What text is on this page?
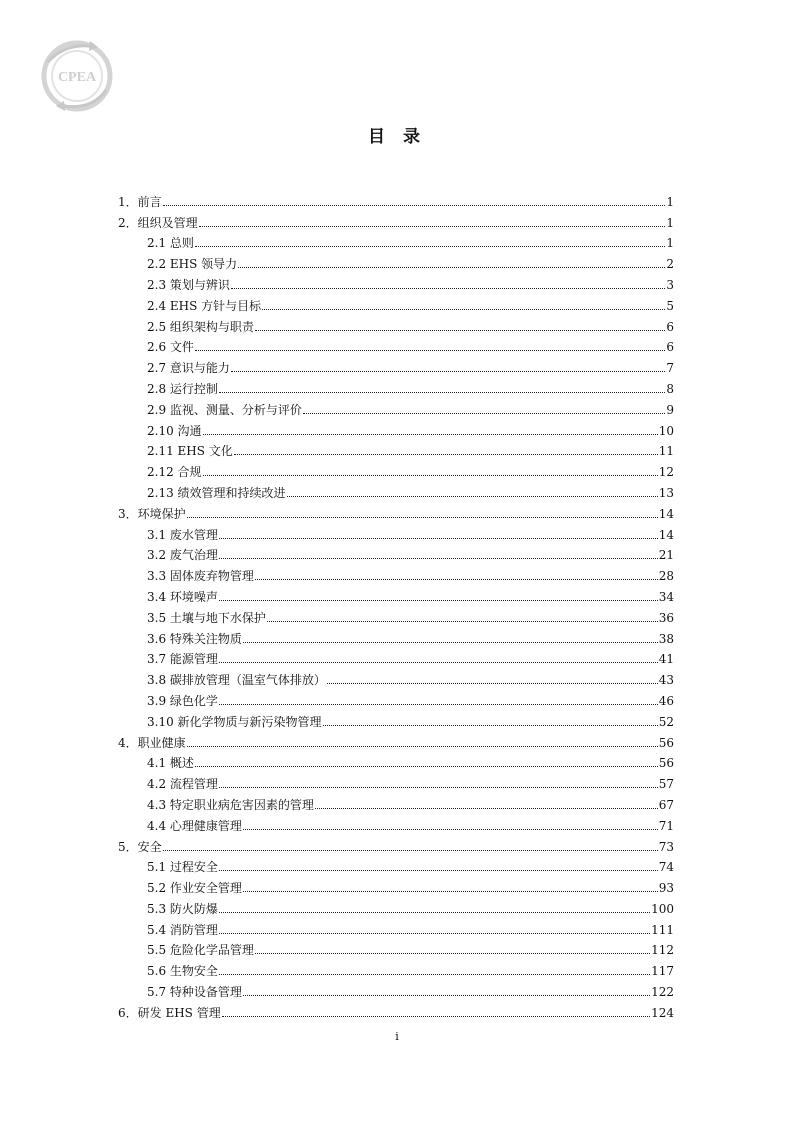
CPEA
目 录
1．前言	1
2．组织及管理	1
2.1 总则	1
2.2 EHS 领导力	2
2.3 策划与辨识	3
2.4 EHS 方针与目标	5
2.5 组织架构与职责	6
2.6 文件	6
2.7 意识与能力	7
2.8 运行控制	8
2.9 监视、测量、分析与评价	9
2.10 沟通	10
2.11 EHS 文化	11
2.12 合规	12
2.13 绩效管理和持续改进	13
3．环境保护	14
3.1 废水管理	14
3.2 废气治理	21
3.3 固体废弃物管理	28
3.4 环境噪声	34
3.5 土壤与地下水保护	36
3.6 特殊关注物质	38
3.7 能源管理	41
3.8 碳排放管理（温室气体排放）	43
3.9 绿色化学	46
3.10 新化学物质与新污染物管理	52
4．职业健康	56
4.1 概述	56
4.2 流程管理	57
4.3 特定职业病危害因素的管理	67
4.4 心理健康管理	71
5．安全	73
5.1 过程安全	74
5.2 作业安全管理	93
5.3 防火防爆	100
5.4 消防管理	111
5.5 危险化学品管理	112
5.6 生物安全	117
5.7 特种设备管理	122
6．研发 EHS 管理	124
i
